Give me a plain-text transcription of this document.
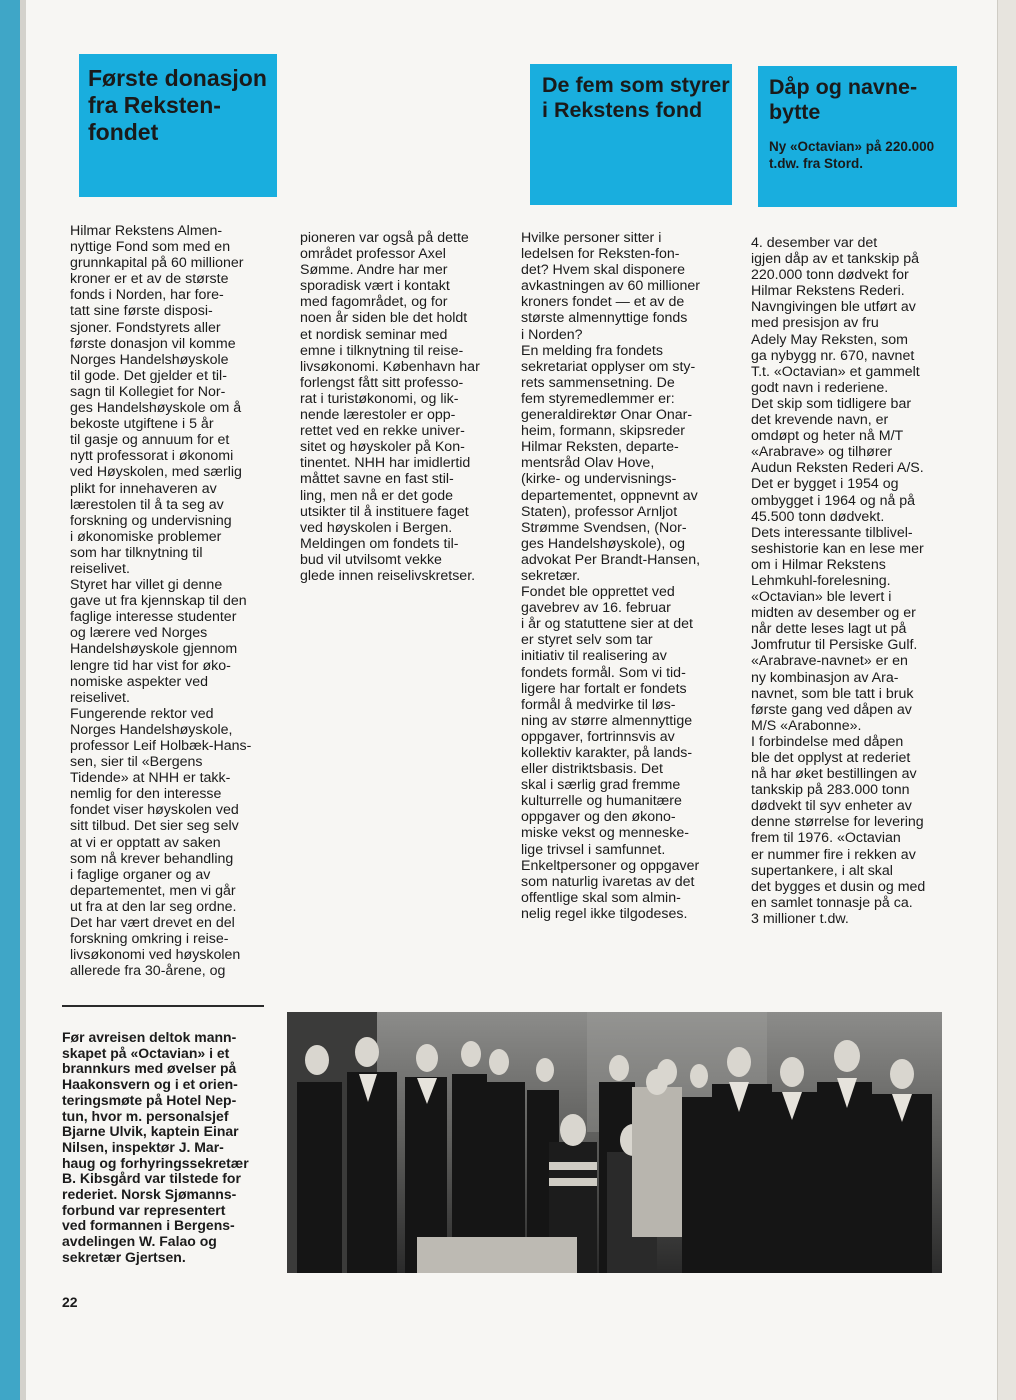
Første donasjon
fra Reksten-
fondet
De fem som styrer
i Rekstens fond
Dåp og navne-
bytte
Ny «Octavian» på 220.000
t.dw. fra Stord.
Hilmar Rekstens Almen-
nyttige Fond som med en
grunnkapital på 60 millioner
kroner er et av de største
fonds i Norden, har fore-
tatt sine første disposi-
sjoner. Fondstyrets aller
første donasjon vil komme
Norges Handelshøyskole
til gode. Det gjelder et til-
sagn til Kollegiet for Nor-
ges Handelshøyskole om å
bekoste utgiftene i 5 år
til gasje og annuum for et
nytt professorat i økonomi
ved Høyskolen, med særlig
plikt for innehaveren av
lærestolen til å ta seg av
forskning og undervisning
i økonomiske problemer
som har tilknytning til
reiselivet.
Styret har villet gi denne
gave ut fra kjennskap til den
faglige interesse studenter
og lærere ved Norges
Handelshøyskole gjennom
lengre tid har vist for øko-
nomiske aspekter ved
reiselivet.
Fungerende rektor ved
Norges Handelshøyskole,
professor Leif Holbæk-Hans-
sen, sier til «Bergens
Tidende» at NHH er takk-
nemlig for den interesse
fondet viser høyskolen ved
sitt tilbud. Det sier seg selv
at vi er opptatt av saken
som nå krever behandling
i faglige organer og av
departementet, men vi går
ut fra at den lar seg ordne.
Det har vært drevet en del
forskning omkring i reise-
livsøkonomi ved høyskolen
allerede fra 30-årene, og
pioneren var også på dette
området professor Axel
Sømme. Andre har mer
sporadisk vært i kontakt
med fagområdet, og for
noen år siden ble det holdt
et nordisk seminar med
emne i tilknytning til reise-
livsøkonomi. København har
forlengst fått sitt professo-
rat i turistøkonomi, og lik-
nende lærestoler er opp-
rettet ved en rekke univer-
sitet og høyskoler på Kon-
tinentet. NHH har imidlertid
måttet savne en fast stil-
ling, men nå er det gode
utsikter til å instituere faget
ved høyskolen i Bergen.
Meldingen om fondets til-
bud vil utvilsomt vekke
glede innen reiselivskretser.
Hvilke personer sitter i
ledelsen for Reksten-fon-
det? Hvem skal disponere
avkastningen av 60 millioner
kroners fondet — et av de
største almennyttige fonds
i Norden?
En melding fra fondets
sekretariat opplyser om sty-
rets sammensetning. De
fem styremedlemmer er:
generaldirektør Onar Onar-
heim, formann, skipsreder
Hilmar Reksten, departe-
mentsråd Olav Hove,
(kirke- og undervisnings-
departementet, oppnevnt av
Staten), professor Arnljot
Strømme Svendsen, (Nor-
ges Handelshøyskole), og
advokat Per Brandt-Hansen,
sekretær.
Fondet ble opprettet ved
gavebrev av 16. februar
i år og statuttene sier at det
er styret selv som tar
initiativ til realisering av
fondets formål. Som vi tid-
ligere har fortalt er fondets
formål å medvirke til løs-
ning av større almennyttige
oppgaver, fortrinnsvis av
kollektiv karakter, på lands-
eller distriktsbasis. Det
skal i særlig grad fremme
kulturrelle og humanitære
oppgaver og den økono-
miske vekst og menneske-
lige trivsel i samfunnet.
Enkeltpersoner og oppgaver
som naturlig ivaretas av det
offentlige skal som almin-
nelig regel ikke tilgodeses.
4. desember var det
igjen dåp av et tankskip på
220.000 tonn dødvekt for
Hilmar Rekstens Rederi.
Navngivingen ble utført av
med presisjon av fru
Adely May Reksten, som
ga nybygg nr. 670, navnet
T.t. «Octavian» et gammelt
godt navn i rederiene.
Det skip som tidligere bar
det krevende navn, er
omdøpt og heter nå M/T
«Arabrave» og tilhører
Audun Reksten Rederi A/S.
Det er bygget i 1954 og
ombygget i 1964 og nå på
45.500 tonn dødvekt.
Dets interessante tilblivel-
seshistorie kan en lese mer
om i Hilmar Rekstens
Lehmkuhl-forelesning.
«Octavian» ble levert i
midten av desember og er
når dette leses lagt ut på
Jomfrutur til Persiske Gulf.
«Arabrave-navnet» er en
ny kombinasjon av Ara-
navnet, som ble tatt i bruk
første gang ved dåpen av
M/S «Arabonne».
I forbindelse med dåpen
ble det opplyst at rederiet
nå har øket bestillingen av
tankskip på 283.000 tonn
dødvekt til syv enheter av
denne størrelse for levering
frem til 1976. «Octavian
er nummer fire i rekken av
supertankere, i alt skal
det bygges et dusin og med
en samlet tonnasje på ca.
3 millioner t.dw.
Før avreisen deltok mann-
skapet på «Octavian» i et
brannkurs med øvelser på
Haakonsvern og i et orien-
teringsmøte på Hotel Nep-
tun, hvor m. personalsjef
Bjarne Ulvik, kaptein Einar
Nilsen, inspektør J. Mar-
haug og forhyringssekretær
B. Kibsgård var tilstede for
rederiet. Norsk Sjømanns-
forbund var representert
ved formannen i Bergens-
avdelingen W. Falao og
sekretær Gjertsen.
22
